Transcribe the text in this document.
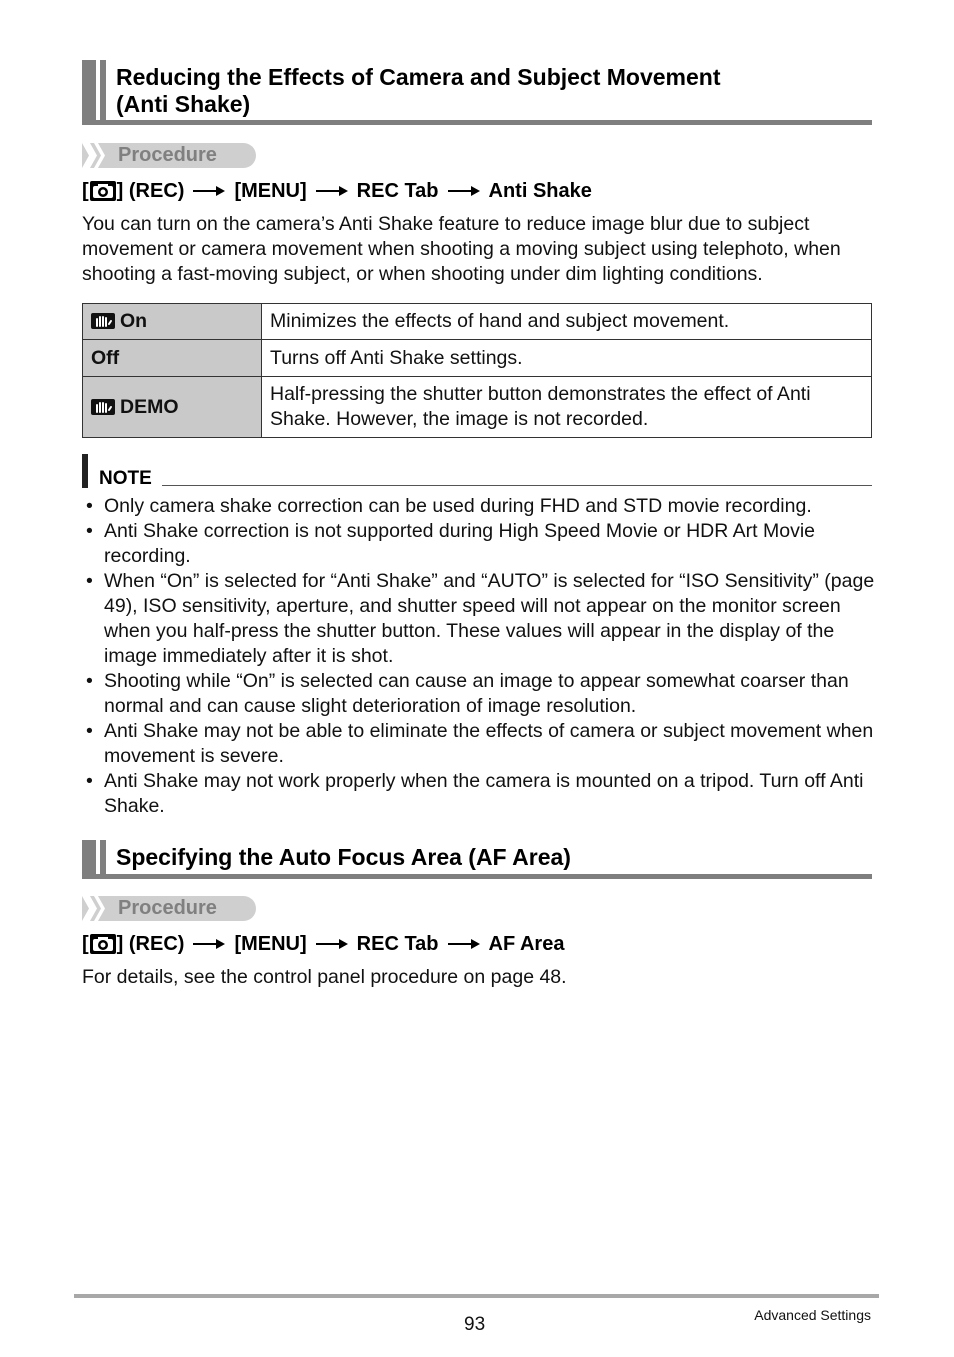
Reducing the Effects of Camera and Subject Movement
(Anti Shake)
Procedure
[ ] (REC)	[MENU]	REC Tab	Anti Shake
You can turn on the camera’s Anti Shake feature to reduce image blur due to subject movement or camera movement when shooting a moving subject using telephoto, when shooting a fast-moving subject, or when shooting under dim lighting conditions.
On	Minimizes the effects of hand and subject movement.
Off	Turns off Anti Shake settings.
DEMO	Half-pressing the shutter button demonstrates the effect of Anti Shake. However, the image is not recorded.
NOTE
• Only camera shake correction can be used during FHD and STD movie recording.
• Anti Shake correction is not supported during High Speed Movie or HDR Art Movie recording.
• When “On” is selected for “Anti Shake” and “AUTO” is selected for “ISO Sensitivity” (page 49), ISO sensitivity, aperture, and shutter speed will not appear on the monitor screen when you half-press the shutter button. These values will appear in the display of the image immediately after it is shot.
• Shooting while “On” is selected can cause an image to appear somewhat coarser than normal and can cause slight deterioration of image resolution.
• Anti Shake may not be able to eliminate the effects of camera or subject movement when movement is severe.
• Anti Shake may not work properly when the camera is mounted on a tripod. Turn off Anti Shake.
Specifying the Auto Focus Area (AF Area)
Procedure
[ ] (REC)	[MENU]	REC Tab	AF Area
For details, see the control panel procedure on page 48.
93	Advanced Settings
